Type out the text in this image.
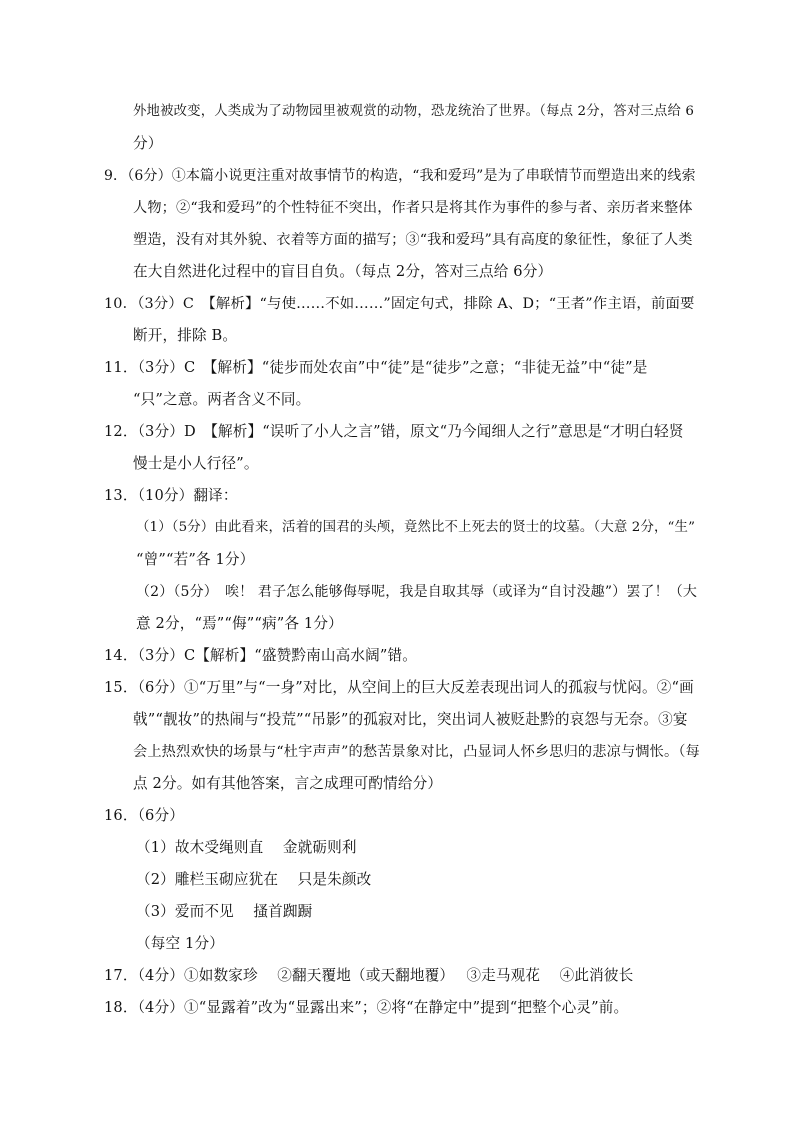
外地被改变，人类成为了动物园里被观赏的动物，恐龙统治了世界。（每点 2分，答对三点给 6
分）
9．（6分）①本篇小说更注重对故事情节的构造，“我和爱玛”是为了串联情节而塑造出来的线索
人物；②“我和爱玛”的个性特征不突出，作者只是将其作为事件的参与者、亲历者来整体
塑造，没有对其外貌、衣着等方面的描写；③“我和爱玛”具有高度的象征性，象征了人类
在大自然进化过程中的盲目自负。（每点 2分，答对三点给 6分）
10．（3分）C　【解析】“与使……不如……”固定句式，排除 A、D；“王者”作主语，前面要
断开，排除 B。
11．（3分）C　【解析】“徒步而处农亩”中“徒”是“徒步”之意；“非徒无益”中“徒”是
“只”之意。两者含义不同。
12．（3分）D　【解析】“误听了小人之言”错，原文“乃今闻细人之行”意思是“才明白轻贤
慢士是小人行径”。
13．（10分）翻译：
（1）（5分）由此看来，活着的国君的头颅，竟然比不上死去的贤士的坟墓。（大意 2分，“生”
“曾”“若”各 1分）
（2）（5分）　唉！ 君子怎么能够侮辱呢，我是自取其辱（或译为“自讨没趣”）罢了！（大
意 2分，“焉”“侮”“病”各 1分）
14．（3分）C【解析】“盛赞黔南山高水阔”错。
15．（6分）①“万里”与“一身”对比，从空间上的巨大反差表现出词人的孤寂与忧闷。②“画
戟”“靓妆”的热闹与“投荒”“吊影”的孤寂对比，突出词人被贬赴黔的哀怨与无奈。③宴
会上热烈欢快的场景与“杜宇声声”的愁苦景象对比，凸显词人怀乡思归的悲凉与惆怅。（每
点 2分。如有其他答案，言之成理可酌情给分）
16．（6分）
（1）故木受绳则直　 金就砺则利
（2）雕栏玉砌应犹在　 只是朱颜改
（3）爱而不见　 搔首踟蹰
（每空 1分）
17．（4分）①如数家珍　 ②翻天覆地（或天翻地覆）　 ③走马观花　 ④此消彼长
18．（4分）①“显露着”改为“显露出来”；②将“在静定中”提到“把整个心灵”前。
